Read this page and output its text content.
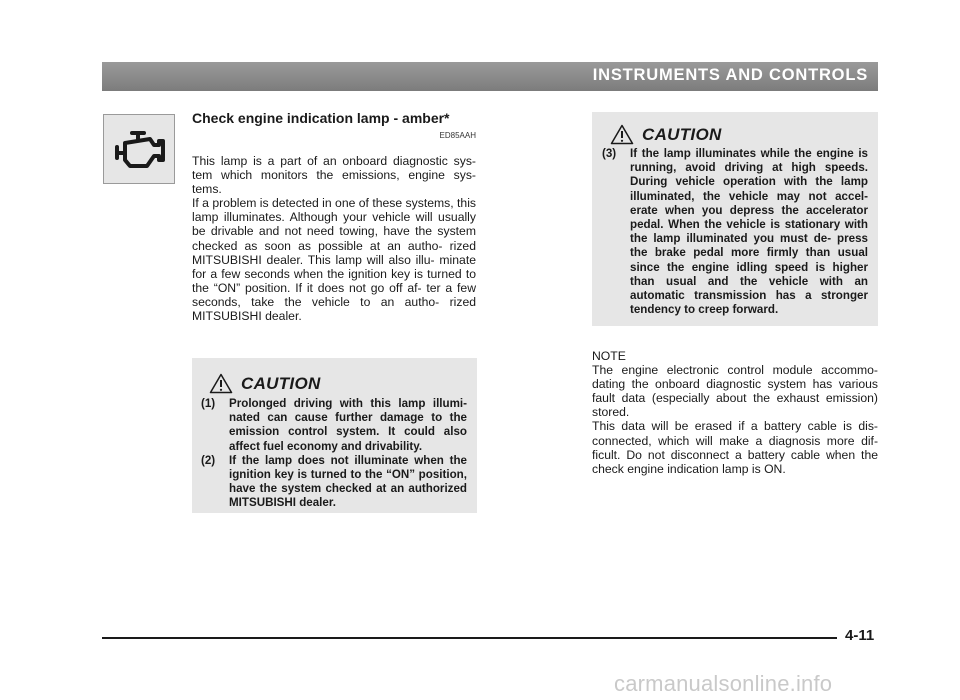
INSTRUMENTS AND CONTROLS
Check engine indication lamp - amber*
ED85AAH

This lamp is a part of an onboard diagnostic sys- tem which monitors the emissions, engine sys- tems.

If a problem is detected in one of these systems, this lamp illuminates. Although your vehicle will usually be drivable and not need towing, have the system checked as soon as possible at an autho- rized MITSUBISHI dealer. This lamp will also illu- minate for a few seconds when the ignition key is turned to the “ON” position. If it does not go off af- ter a few seconds, take the vehicle to an autho- rized MITSUBISHI dealer.

CAUTION
(1) Prolonged driving with this lamp illumi- nated can cause further damage to the emission control system. It could also affect fuel economy and drivability.
(2) If the lamp does not illuminate when the ignition key is turned to the “ON” position, have the system checked at an authorized MITSUBISHI dealer.
CAUTION
(3) If the lamp illuminates while the engine is running, avoid driving at high speeds. During vehicle operation with the lamp illuminated, the vehicle may not accel- erate when you depress the accelerator pedal. When the vehicle is stationary with the lamp illuminated you must de- press the brake pedal more firmly than usual since the engine idling speed is higher than usual and the vehicle with an automatic transmission has a stronger tendency to creep forward.

NOTE

The engine electronic control module accommo- dating the onboard diagnostic system has various fault data (especially about the exhaust emission) stored.

This data will be erased if a battery cable is dis- connected, which will make a diagnosis more dif- ficult. Do not disconnect a battery cable when the check engine indication lamp is ON.

4-11
carmanualsonline.info
